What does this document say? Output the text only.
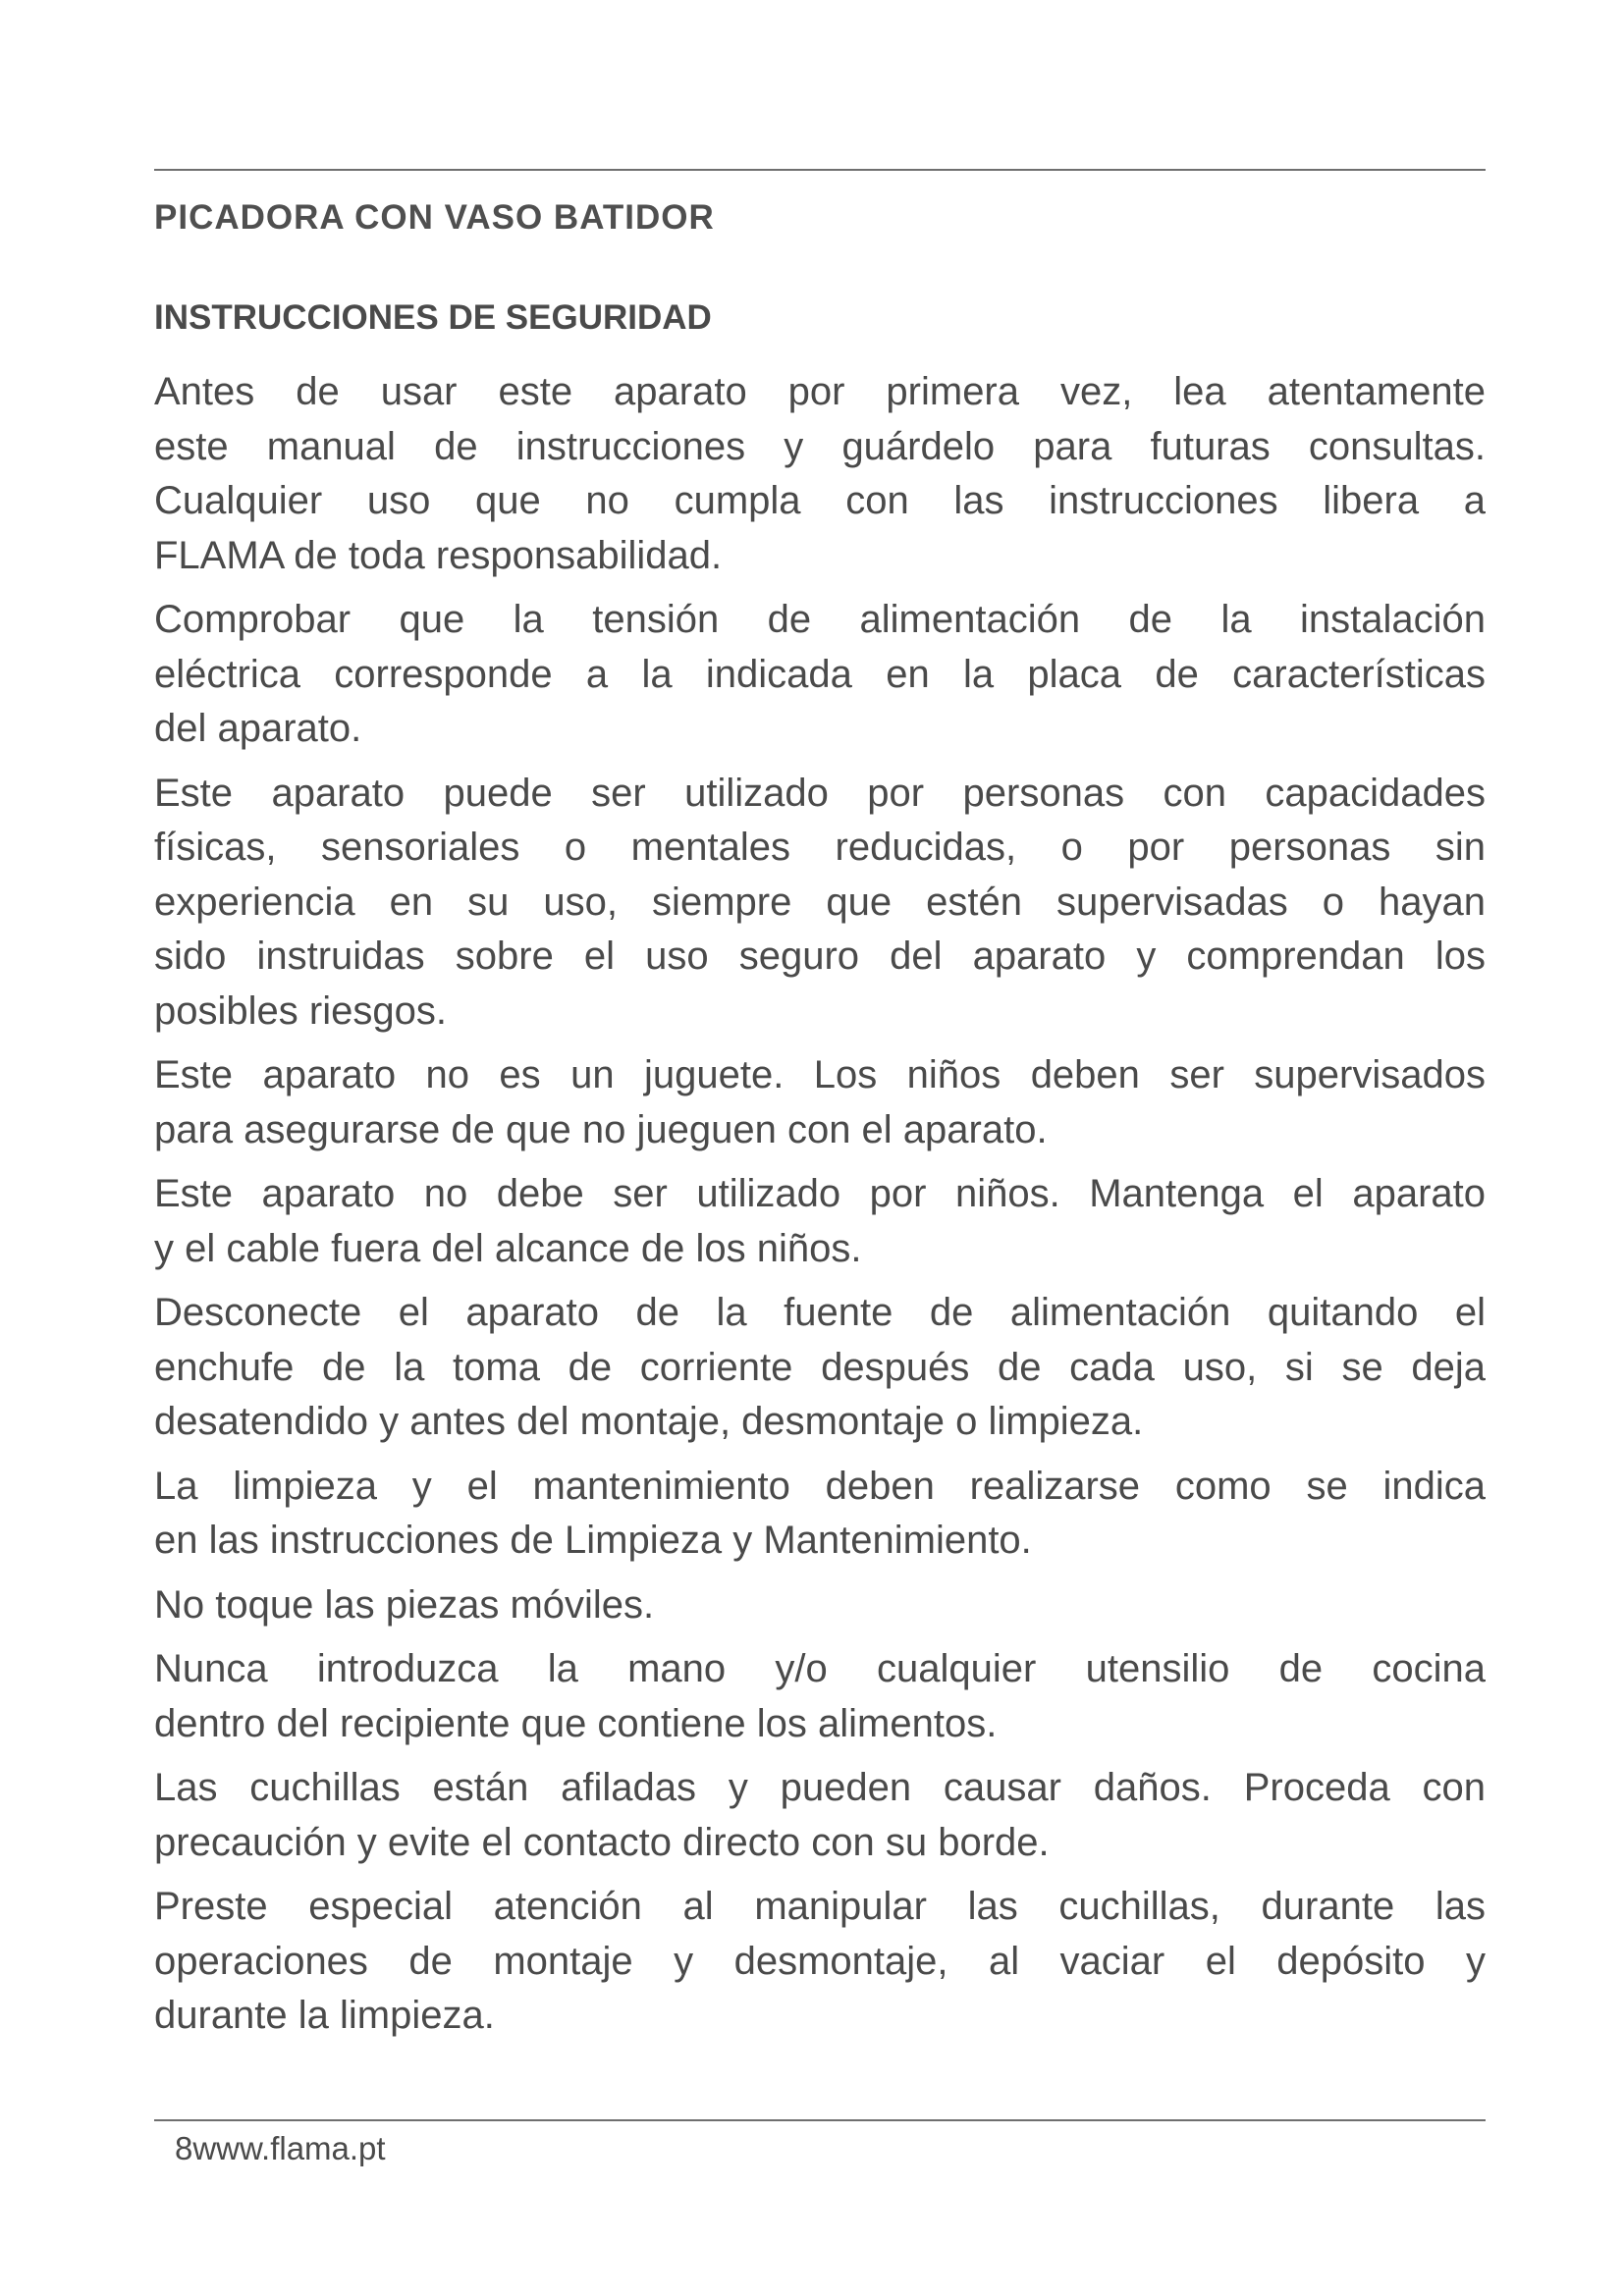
PICADORA CON VASO BATIDOR
INSTRUCCIONES DE SEGURIDAD

Antes de usar este aparato por primera vez, lea atentamente
este manual de instrucciones y guárdelo para futuras consultas.
Cualquier uso que no cumpla con las instrucciones libera a
FLAMA de toda responsabilidad.

Comprobar que la tensión de alimentación de la instalación
eléctrica corresponde a la indicada en la placa de características
del aparato.

Este aparato puede ser utilizado por personas con capacidades
físicas, sensoriales o mentales reducidas, o por personas sin
experiencia en su uso, siempre que estén supervisadas o hayan
sido instruidas sobre el uso seguro del aparato y comprendan los
posibles riesgos.

Este aparato no es un juguete. Los niños deben ser supervisados
para asegurarse de que no jueguen con el aparato.

Este aparato no debe ser utilizado por niños. Mantenga el aparato
y el cable fuera del alcance de los niños.

Desconecte el aparato de la fuente de alimentación quitando el
enchufe de la toma de corriente después de cada uso, si se deja
desatendido y antes del montaje, desmontaje o limpieza.

La limpieza y el mantenimiento deben realizarse como se indica
en las instrucciones de Limpieza y Mantenimiento.

No toque las piezas móviles.

Nunca introduzca la mano y/o cualquier utensilio de cocina
dentro del recipiente que contiene los alimentos.

Las cuchillas están afiladas y pueden causar daños. Proceda con
precaución y evite el contacto directo con su borde.

Preste especial atención al manipular las cuchillas, durante las
operaciones de montaje y desmontaje, al vaciar el depósito y
durante la limpieza.

8www.flama.pt
